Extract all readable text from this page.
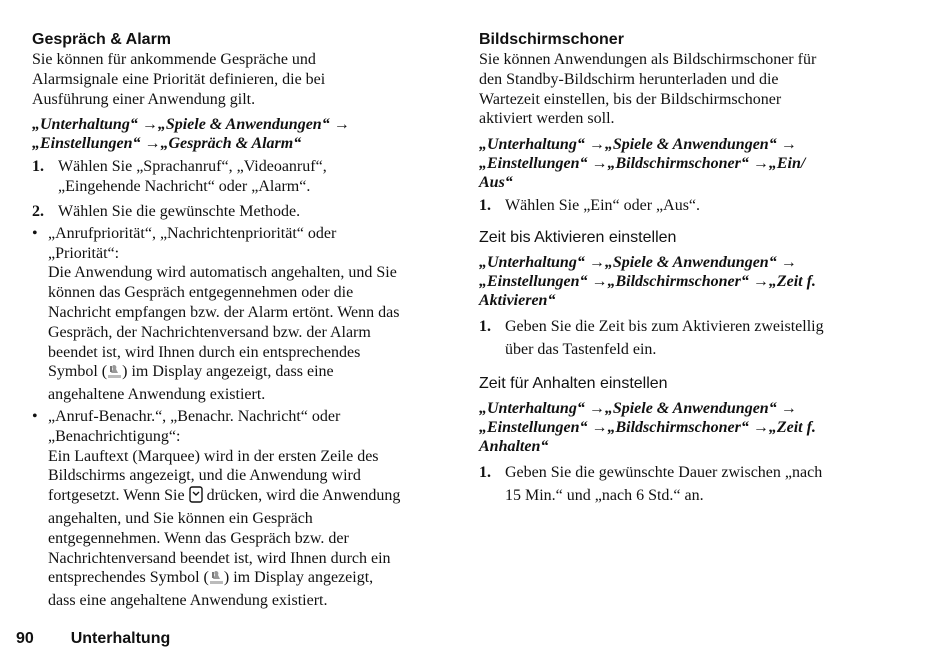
Gespräch & Alarm

Sie können für ankommende Gespräche und
Alarmsignale eine Priorität definieren, die bei
Ausführung einer Anwendung gilt.

„Unterhaltung“ →„Spiele & Anwendungen“ →
„Einstellungen“ →„Gespräch & Alarm“

1. Wählen Sie „Sprachanruf“, „Videoanruf“,
„Eingehende Nachricht“ oder „Alarm“.
2. Wählen Sie die gewünschte Methode.
• „Anrufpriorität“, „Nachrichtenpriorität“ oder
„Priorität“:
Die Anwendung wird automatisch angehalten, und Sie
können das Gespräch entgegennehmen oder die
Nachricht empfangen bzw. der Alarm ertönt. Wenn das
Gespräch, der Nachrichtenversand bzw. der Alarm
beendet ist, wird Ihnen durch ein entsprechendes
Symbol ( ) im Display angezeigt, dass eine
angehaltene Anwendung existiert.
• „Anruf-Benachr.“, „Benachr. Nachricht“ oder
„Benachrichtigung“:
Ein Lauftext (Marquee) wird in der ersten Zeile des
Bildschirms angezeigt, und die Anwendung wird
fortgesetzt. Wenn Sie drücken, wird die Anwendung
angehalten, und Sie können ein Gespräch
entgegennehmen. Wenn das Gespräch bzw. der
Nachrichtenversand beendet ist, wird Ihnen durch ein
entsprechendes Symbol ( ) im Display angezeigt,
dass eine angehaltene Anwendung existiert.
Bildschirmschoner

Sie können Anwendungen als Bildschirmschoner für
den Standby-Bildschirm herunterladen und die
Wartezeit einstellen, bis der Bildschirmschoner
aktiviert werden soll.

„Unterhaltung“ →„Spiele & Anwendungen“ →
„Einstellungen“ →„Bildschirmschoner“ →„Ein/
Aus“

1. Wählen Sie „Ein“ oder „Aus“.
Zeit bis Aktivieren einstellen

„Unterhaltung“ →„Spiele & Anwendungen“ →
„Einstellungen“ →„Bildschirmschoner“ →„Zeit f.
Aktivieren“

1. Geben Sie die Zeit bis zum Aktivieren zweistellig
über das Tastenfeld ein.
Zeit für Anhalten einstellen

„Unterhaltung“ →„Spiele & Anwendungen“ →
„Einstellungen“ →„Bildschirmschoner“ →„Zeit f.
Anhalten“

1. Geben Sie die gewünschte Dauer zwischen „nach
15 Min.“ und „nach 6 Std.“ an.
90 Unterhaltung
